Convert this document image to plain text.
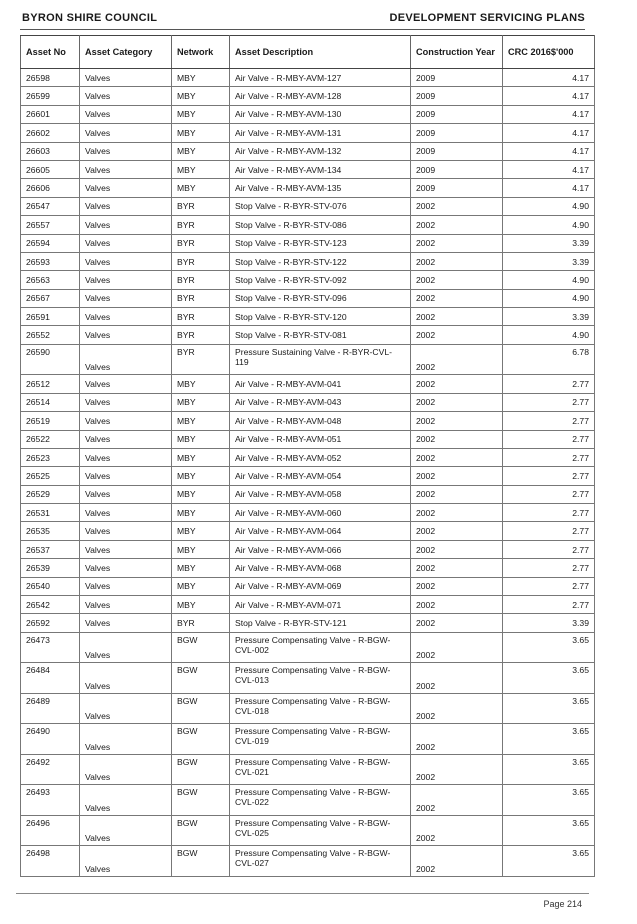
BYRON SHIRE COUNCIL	DEVELOPMENT SERVICING PLANS
Asset No	Asset Category	Network	Asset Description	Construction Year	CRC 2016$'000
26598	Valves	MBY	Air Valve - R-MBY-AVM-127	2009	4.17
26599	Valves	MBY	Air Valve - R-MBY-AVM-128	2009	4.17
26601	Valves	MBY	Air Valve - R-MBY-AVM-130	2009	4.17
26602	Valves	MBY	Air Valve - R-MBY-AVM-131	2009	4.17
26603	Valves	MBY	Air Valve - R-MBY-AVM-132	2009	4.17
26605	Valves	MBY	Air Valve - R-MBY-AVM-134	2009	4.17
26606	Valves	MBY	Air Valve - R-MBY-AVM-135	2009	4.17
26547	Valves	BYR	Stop Valve - R-BYR-STV-076	2002	4.90
26557	Valves	BYR	Stop Valve - R-BYR-STV-086	2002	4.90
26594	Valves	BYR	Stop Valve - R-BYR-STV-123	2002	3.39
26593	Valves	BYR	Stop Valve - R-BYR-STV-122	2002	3.39
26563	Valves	BYR	Stop Valve - R-BYR-STV-092	2002	4.90
26567	Valves	BYR	Stop Valve - R-BYR-STV-096	2002	4.90
26591	Valves	BYR	Stop Valve - R-BYR-STV-120	2002	3.39
26552	Valves	BYR	Stop Valve - R-BYR-STV-081	2002	4.90
26590	Valves	BYR	Pressure Sustaining Valve - R-BYR-CVL-119	2002	6.78
26512	Valves	MBY	Air Valve - R-MBY-AVM-041	2002	2.77
26514	Valves	MBY	Air Valve - R-MBY-AVM-043	2002	2.77
26519	Valves	MBY	Air Valve - R-MBY-AVM-048	2002	2.77
26522	Valves	MBY	Air Valve - R-MBY-AVM-051	2002	2.77
26523	Valves	MBY	Air Valve - R-MBY-AVM-052	2002	2.77
26525	Valves	MBY	Air Valve - R-MBY-AVM-054	2002	2.77
26529	Valves	MBY	Air Valve - R-MBY-AVM-058	2002	2.77
26531	Valves	MBY	Air Valve - R-MBY-AVM-060	2002	2.77
26535	Valves	MBY	Air Valve - R-MBY-AVM-064	2002	2.77
26537	Valves	MBY	Air Valve - R-MBY-AVM-066	2002	2.77
26539	Valves	MBY	Air Valve - R-MBY-AVM-068	2002	2.77
26540	Valves	MBY	Air Valve - R-MBY-AVM-069	2002	2.77
26542	Valves	MBY	Air Valve - R-MBY-AVM-071	2002	2.77
26592	Valves	BYR	Stop Valve - R-BYR-STV-121	2002	3.39
26473	Valves	BGW	Pressure Compensating Valve - R-BGW-CVL-002	2002	3.65
26484	Valves	BGW	Pressure Compensating Valve - R-BGW-CVL-013	2002	3.65
26489	Valves	BGW	Pressure Compensating Valve - R-BGW-CVL-018	2002	3.65
26490	Valves	BGW	Pressure Compensating Valve - R-BGW-CVL-019	2002	3.65
26492	Valves	BGW	Pressure Compensating Valve - R-BGW-CVL-021	2002	3.65
26493	Valves	BGW	Pressure Compensating Valve - R-BGW-CVL-022	2002	3.65
26496	Valves	BGW	Pressure Compensating Valve - R-BGW-CVL-025	2002	3.65
26498	Valves	BGW	Pressure Compensating Valve - R-BGW-CVL-027	2002	3.65
Page 214
